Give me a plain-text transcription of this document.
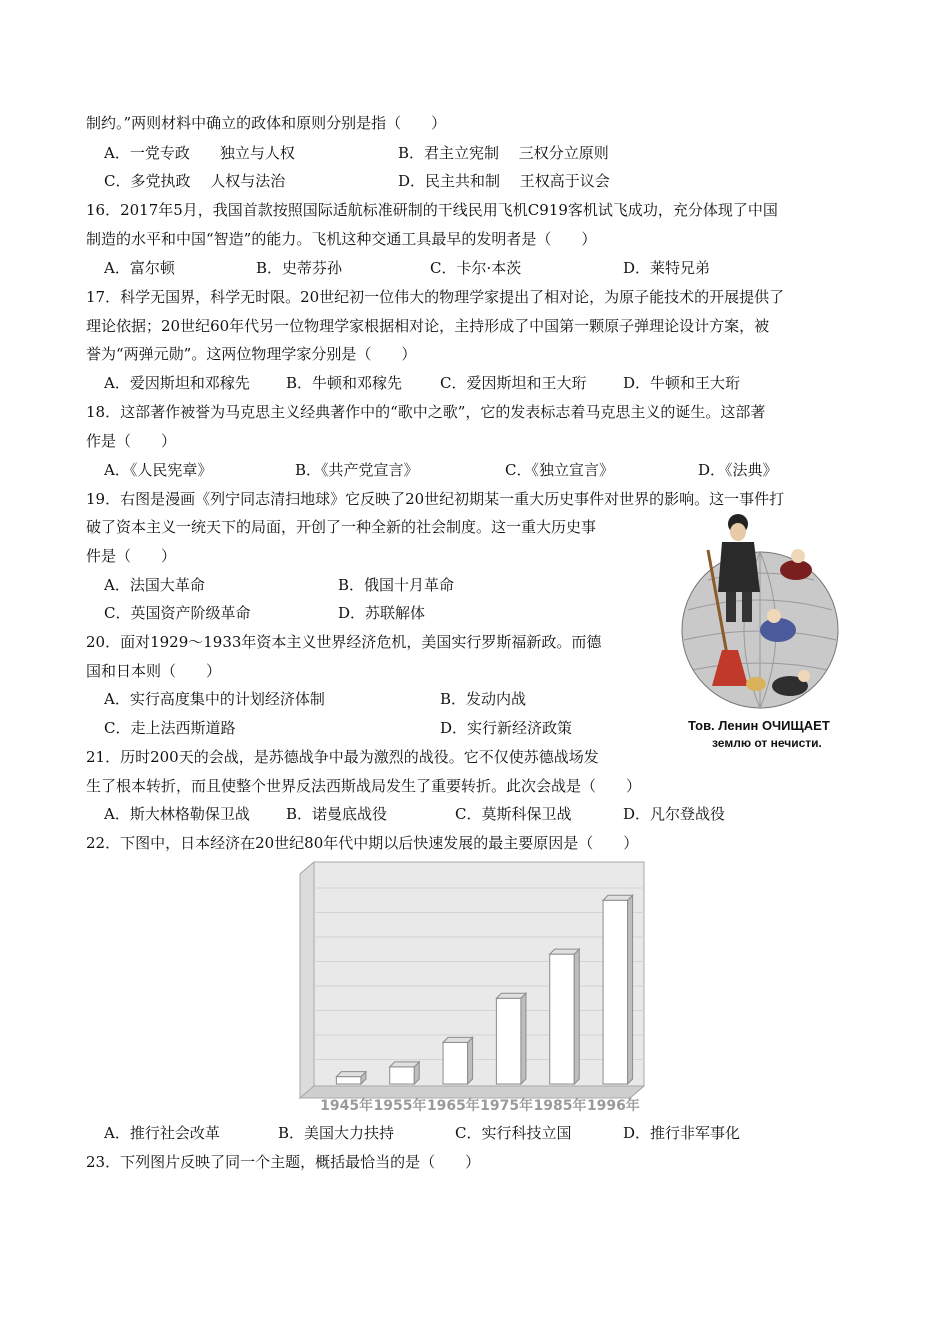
制约。”两则材料中确立的政体和原则分别是指（　　）
A．一党专政　　独立与人权	B．君主立宪制　 三权分立原则
C．多党执政　 人权与法治	D．民主共和制　 王权高于议会
16．2017年5月，我国首款按照国际适航标准研制的干线民用飞机C919客机试飞成功，充分体现了中国
制造的水平和中国“智造”的能力。飞机这种交通工具最早的发明者是（　　）
A．富尔顿	B．史蒂芬孙	C．卡尔·本茨	D．莱特兄弟
17．科学无国界，科学无时限。20世纪初一位伟大的物理学家提出了相对论，为原子能技术的开展提供了
理论依据；20世纪60年代另一位物理学家根据相对论，主持形成了中国第一颗原子弹理论设计方案，被
誉为“两弹元勋”。这两位物理学家分别是（　　）
A．爱因斯坦和邓稼先 B．牛顿和邓稼先	C．爱因斯坦和王大珩 D．牛顿和王大珩
18．这部著作被誉为马克思主义经典著作中的“歌中之歌”，它的发表标志着马克思主义的诞生。这部著
作是（　　）
A．《人民宪章》	B．《共产党宣言》	C．《独立宣言》	D．《法典》
19．右图是漫画《列宁同志清扫地球》它反映了20世纪初期某一重大历史事件对世界的影响。这一事件打
破了资本主义一统天下的局面，开创了一种全新的社会制度。这一重大历史事
件是（　　）
A．法国大革命	B．俄国十月革命
C．英国资产阶级革命	D．苏联解体
Тов. Ленин ОЧИЩАЕТ
землю от нечисти.
20．面对1929～1933年资本主义世界经济危机，美国实行罗斯福新政。而德
国和日本则（　　）
A．实行高度集中的计划经济体制	B．发动内战
C．走上法西斯道路	D．实行新经济政策
21．历时200天的会战，是苏德战争中最为激烈的战役。它不仅使苏德战场发
生了根本转折，而且使整个世界反法西斯战局发生了重要转折。此次会战是（　　）
A．斯大林格勒保卫战 B．诺曼底战役	C．莫斯科保卫战	D．凡尔登战役
22．下图中，日本经济在20世纪80年代中期以后快速发展的最主要原因是（　　）
1945年 1955年 1965年 1975年 1985年 1996年
A．推行社会改革	B．美国大力扶持	C．实行科技立国	D．推行非军事化
23．下列图片反映了同一个主题，概括最恰当的是（　　）
